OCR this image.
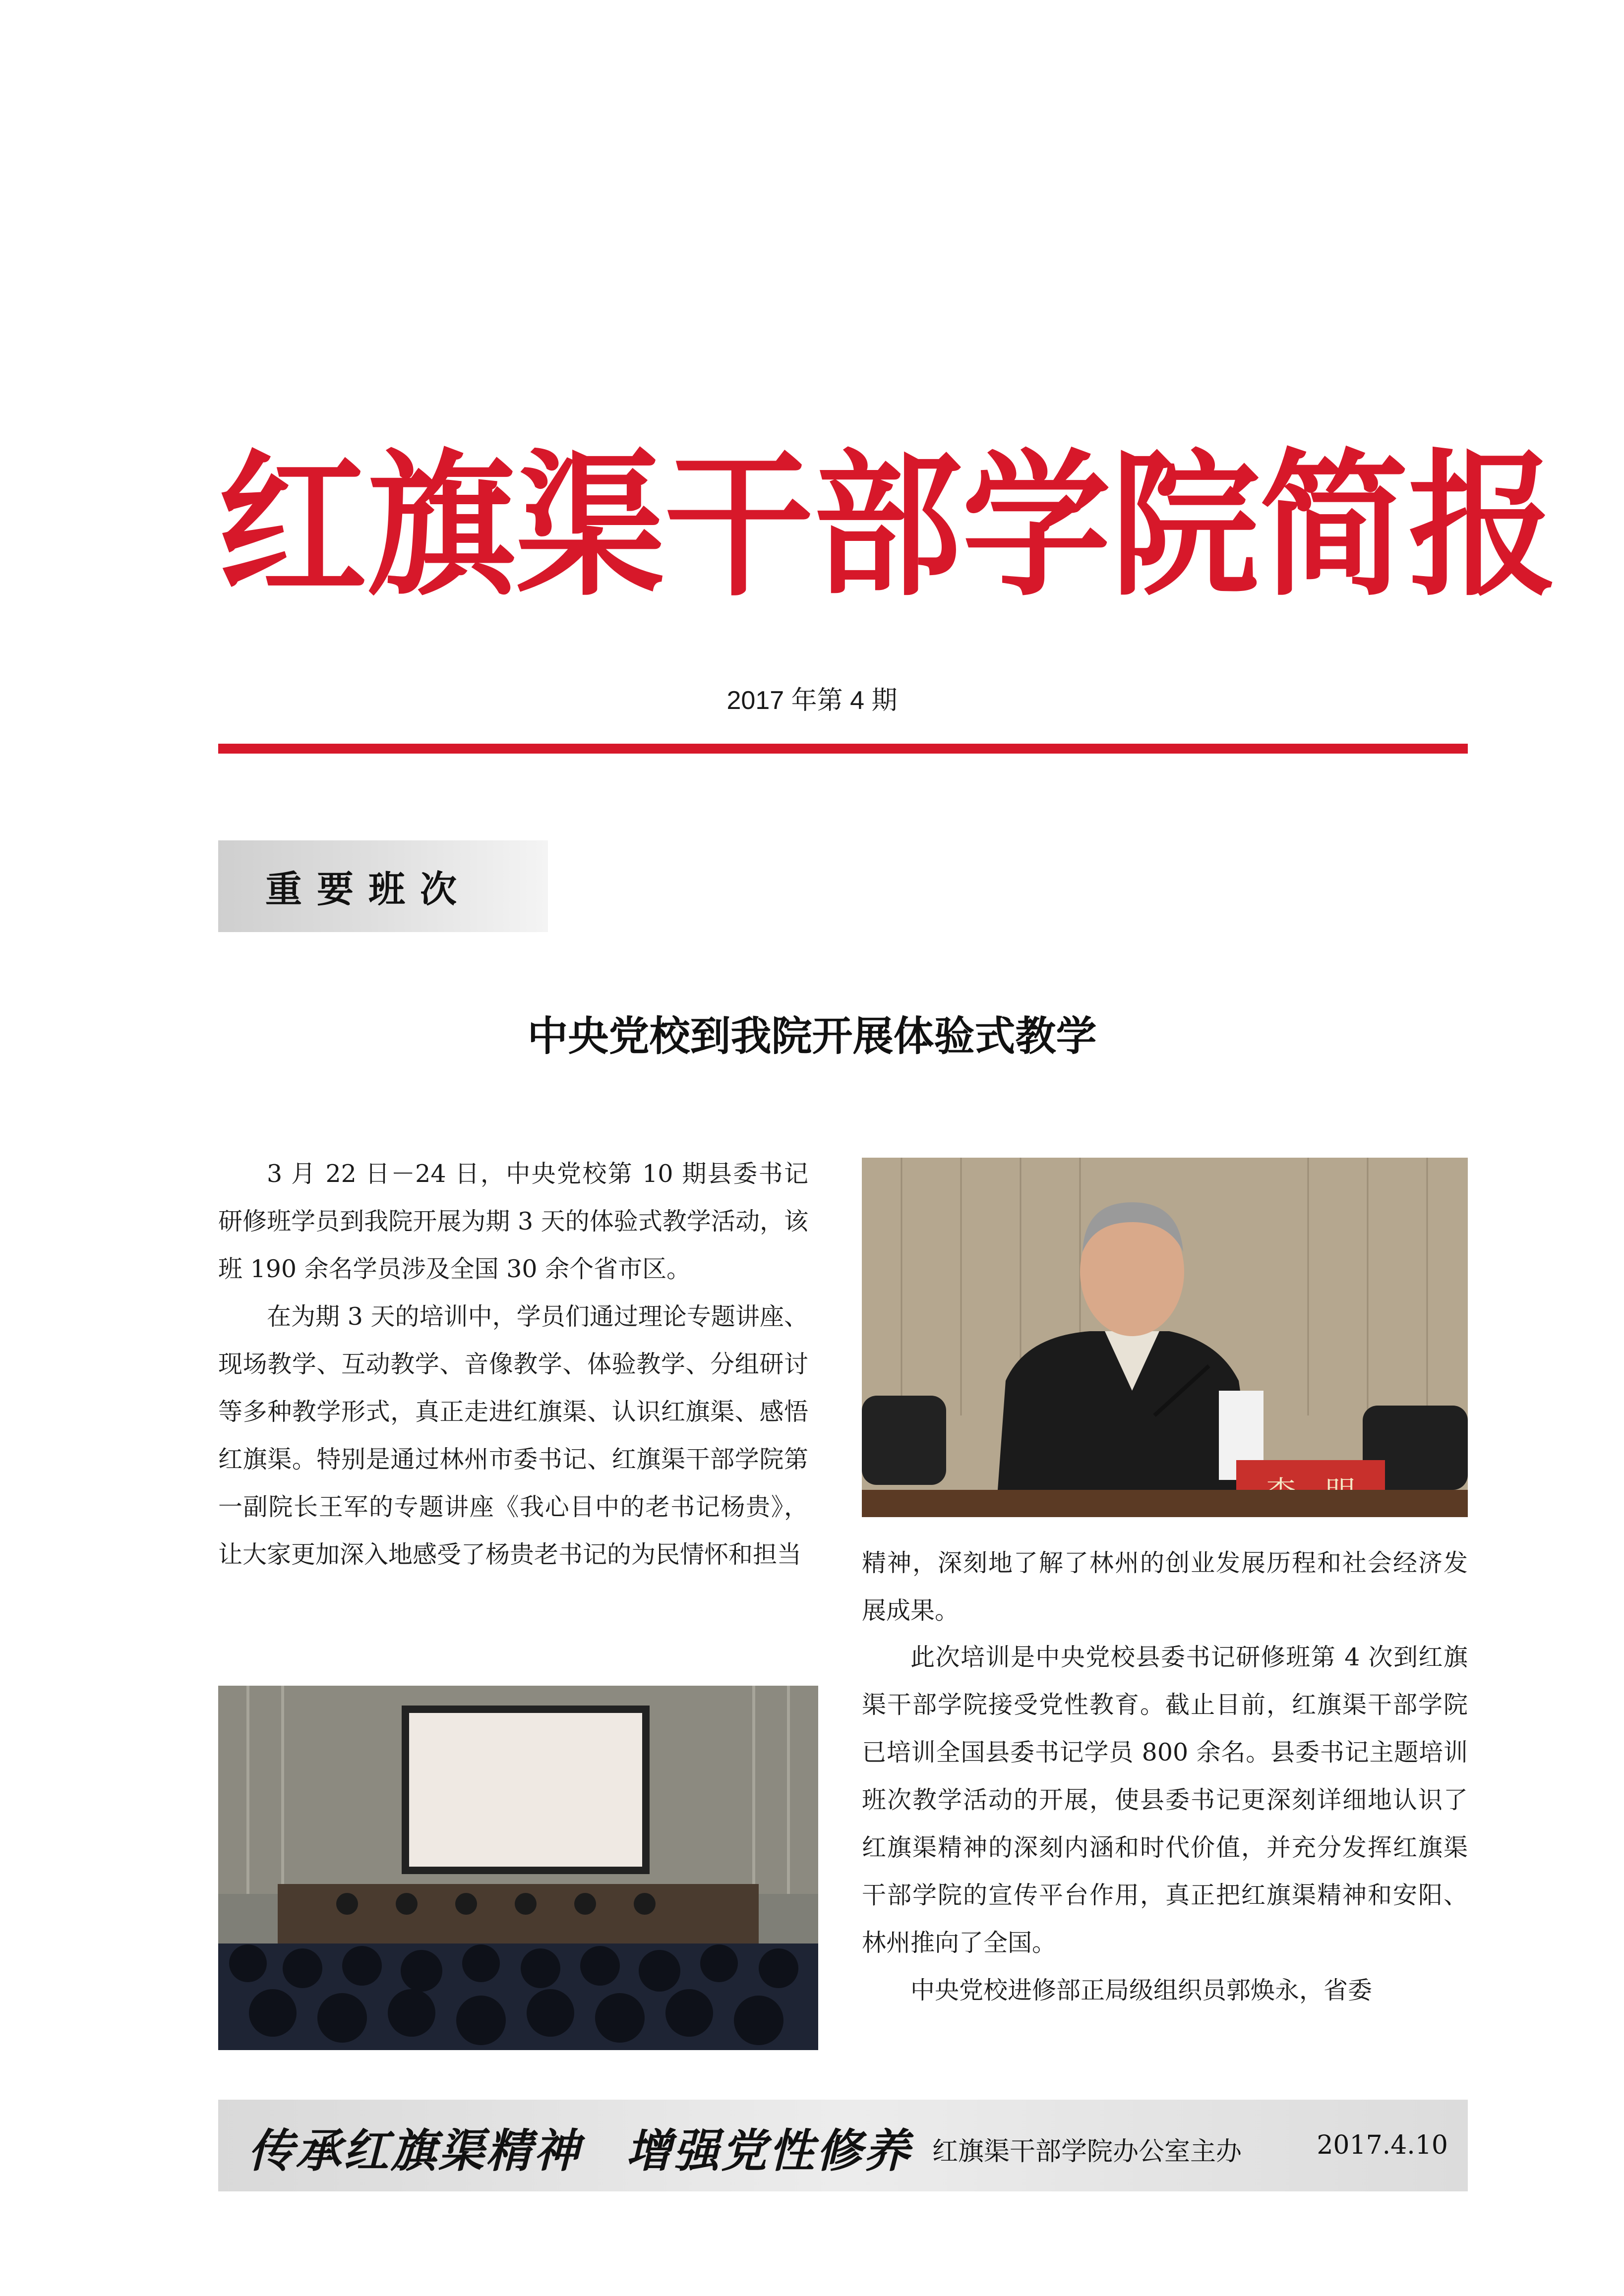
红 旗 渠 干 部 学 院 简 报
2017 年第 4 期
重要班次
中央党校到我院开展体验式教学

3 月 22 日－24 日，中央党校第 10 期县委书记研修班学员到我院开展为期 3 天的体验式教学活动，该班 190 余名学员涉及全国 30 余个省市区。

在为期 3 天的培训中，学员们通过理论专题讲座、现场教学、互动教学、音像教学、体验教学、分组研讨等多种教学形式，真正走进红旗渠、认识红旗渠、感悟红旗渠。特别是通过林州市委书记、红旗渠干部学院第一副院长王军的专题讲座《我心目中的老书记杨贵》，让大家更加深入地感受了杨贵老书记的为民情怀和担当 精神，深刻地了解了林州的创业发展历程和社会经济发展成果。

此次培训是中央党校县委书记研修班第 4 次到红旗渠干部学院接受党性教育。截止目前，红旗渠干部学院已培训全国县委书记学员 800 余名。县委书记主题培训班次教学活动的开展，使县委书记更深刻详细地认识了红旗渠精神的深刻内涵和时代价值，并充分发挥红旗渠干部学院的宣传平台作用，真正把红旗渠精神和安阳、林州推向了全国。

中央党校进修部正局级组织员郭焕永，省委

传承红旗渠精神 增强党性修养 红旗渠干部学院办公室主办	2017.4.10
